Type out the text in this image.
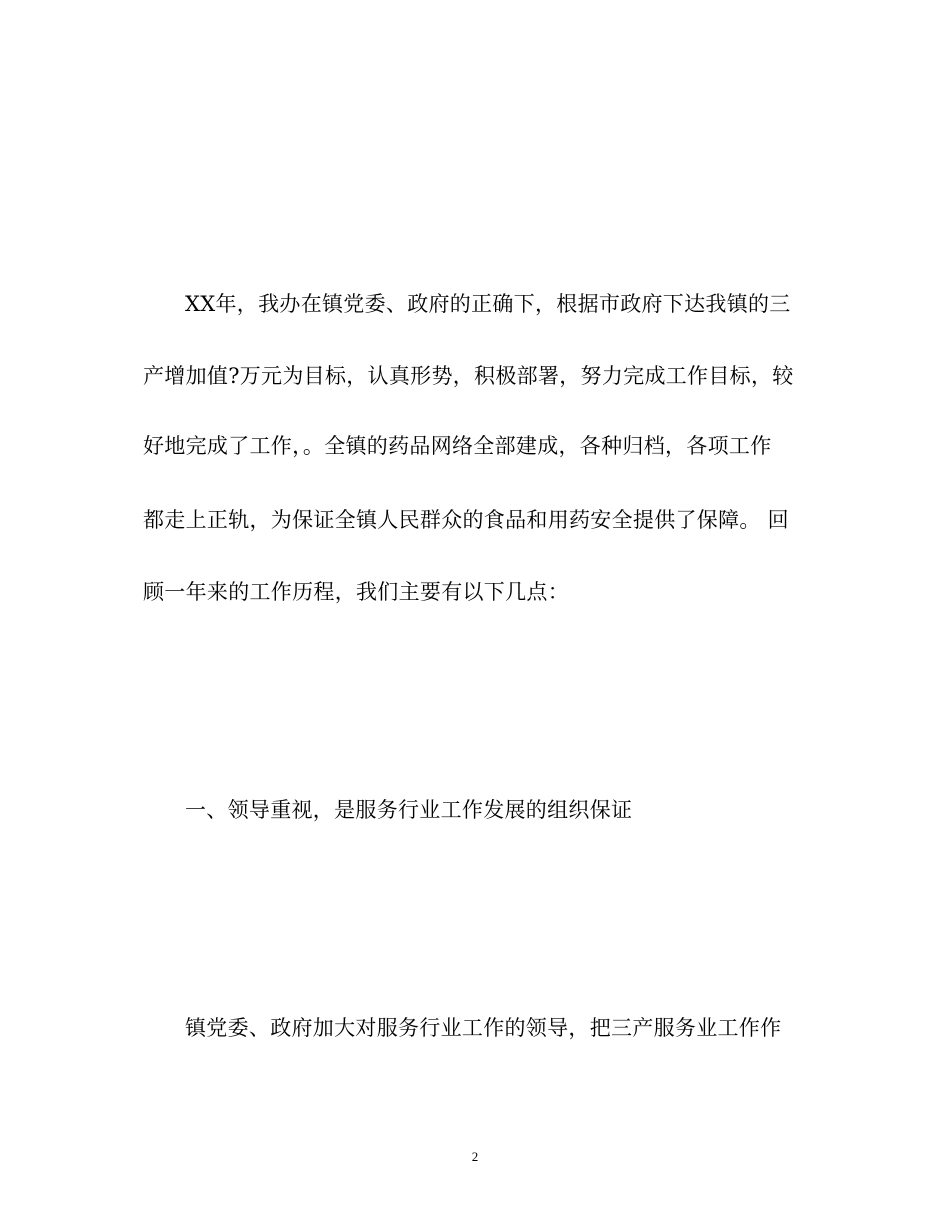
XX年，我办在镇党委、政府的正确下，根据市政府下达我镇的三
产增加值?万元为目标，认真形势，积极部署，努力完成工作目标，较
好地完成了工作，。全镇的药品网络全部建成，各种归档，各项工作
都走上正轨，为保证全镇人民群众的食品和用药安全提供了保障。 回
顾一年来的工作历程，我们主要有以下几点：
一、领导重视，是服务行业工作发展的组织保证
镇党委、政府加大对服务行业工作的领导，把三产服务业工作作
2
